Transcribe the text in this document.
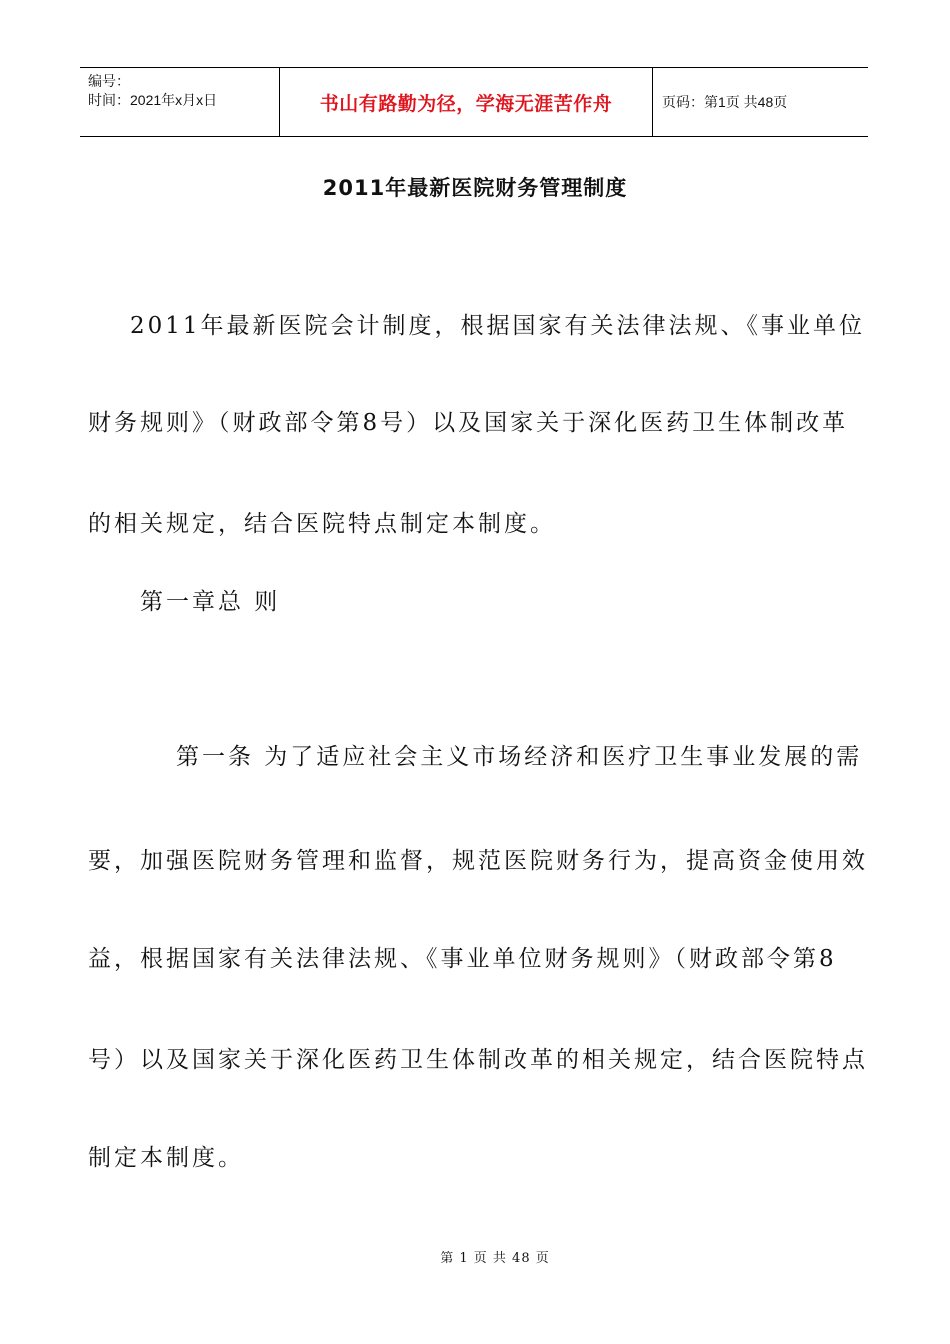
编号：
时间：2021年x月x日	书山有路勤为径，学海无涯苦作舟	页码：第1页 共48页
2011年最新医院财务管理制度
2011年最新医院会计制度，根据国家有关法律法规、《事业单位
财务规则》（财政部令第8号）以及国家关于深化医药卫生体制改革
的相关规定，结合医院特点制定本制度。
第一章总 则
第一条 为了适应社会主义市场经济和医疗卫生事业发展的需
要，加强医院财务管理和监督，规范医院财务行为，提高资金使用效
益，根据国家有关法律法规、《事业单位财务规则》（财政部令第8
号）以及国家关于深化医药卫生体制改革的相关规定，结合医院特点
制定本制度。
第 1 页 共 48 页
